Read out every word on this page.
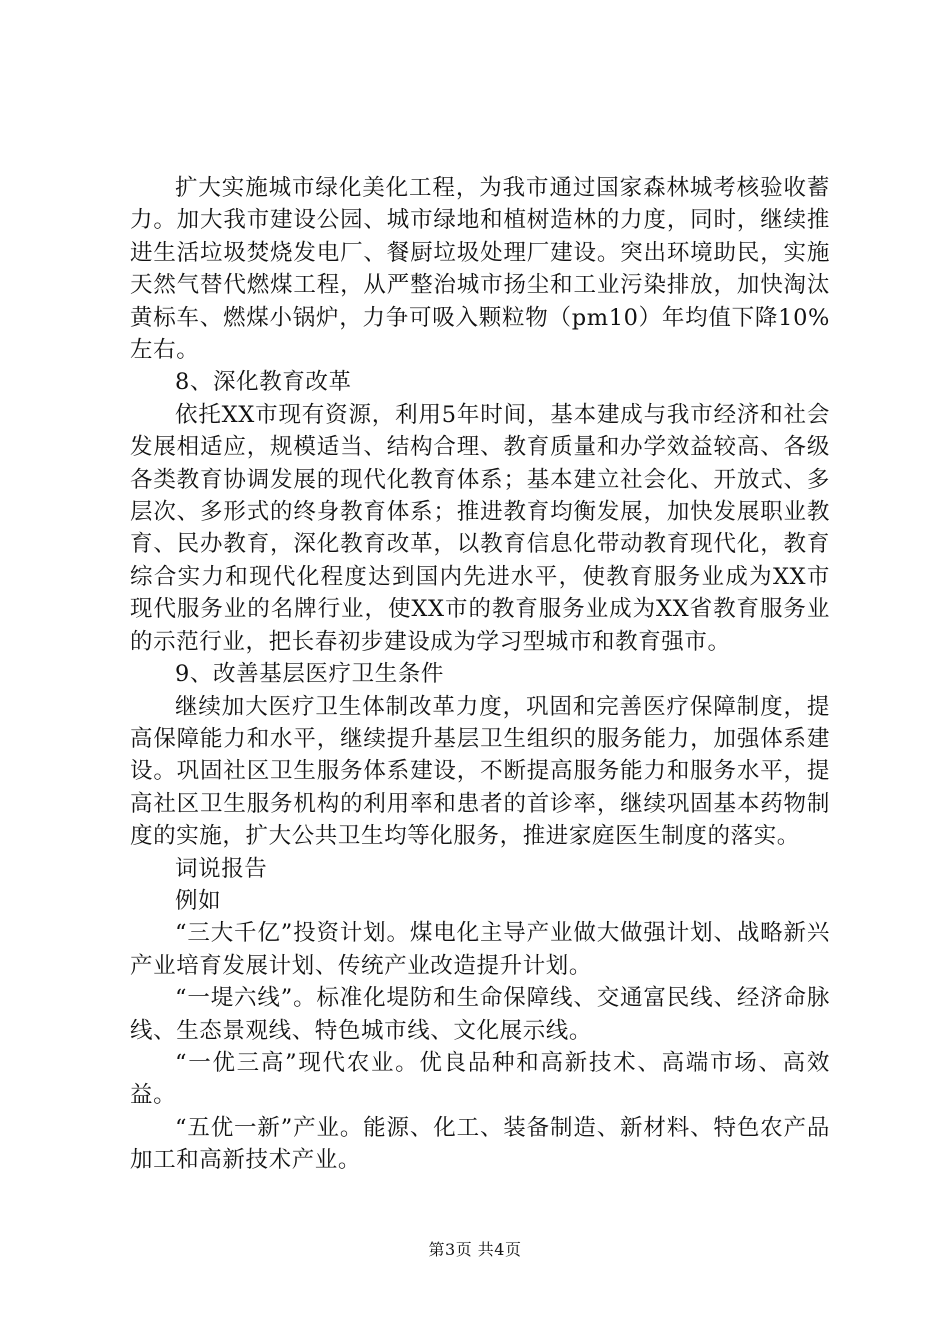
扩大实施城市绿化美化工程，为我市通过国家森林城考核验收蓄力。加大我市建设公园、城市绿地和植树造林的力度，同时，继续推进生活垃圾焚烧发电厂、餐厨垃圾处理厂建设。突出环境助民，实施天然气替代燃煤工程，从严整治城市扬尘和工业污染排放，加快淘汰黄标车、燃煤小锅炉，力争可吸入颗粒物（pm10）年均值下降10%左右。

8、深化教育改革

依托XX市现有资源，利用5年时间，基本建成与我市经济和社会发展相适应，规模适当、结构合理、教育质量和办学效益较高、各级各类教育协调发展的现代化教育体系；基本建立社会化、开放式、多层次、多形式的终身教育体系；推进教育均衡发展，加快发展职业教育、民办教育，深化教育改革，以教育信息化带动教育现代化，教育综合实力和现代化程度达到国内先进水平，使教育服务业成为XX市现代服务业的名牌行业，使XX市的教育服务业成为XX省教育服务业的示范行业，把长春初步建设成为学习型城市和教育强市。

9、改善基层医疗卫生条件

继续加大医疗卫生体制改革力度，巩固和完善医疗保障制度，提高保障能力和水平，继续提升基层卫生组织的服务能力，加强体系建设。巩固社区卫生服务体系建设，不断提高服务能力和服务水平，提高社区卫生服务机构的利用率和患者的首诊率，继续巩固基本药物制度的实施，扩大公共卫生均等化服务，推进家庭医生制度的落实。

词说报告

例如

“三大千亿”投资计划。煤电化主导产业做大做强计划、战略新兴产业培育发展计划、传统产业改造提升计划。

“一堤六线”。标准化堤防和生命保障线、交通富民线、经济命脉线、生态景观线、特色城市线、文化展示线。

“一优三高”现代农业。优良品种和高新技术、高端市场、高效益。

“五优一新”产业。能源、化工、装备制造、新材料、特色农产品加工和高新技术产业。

第3页 共4页
